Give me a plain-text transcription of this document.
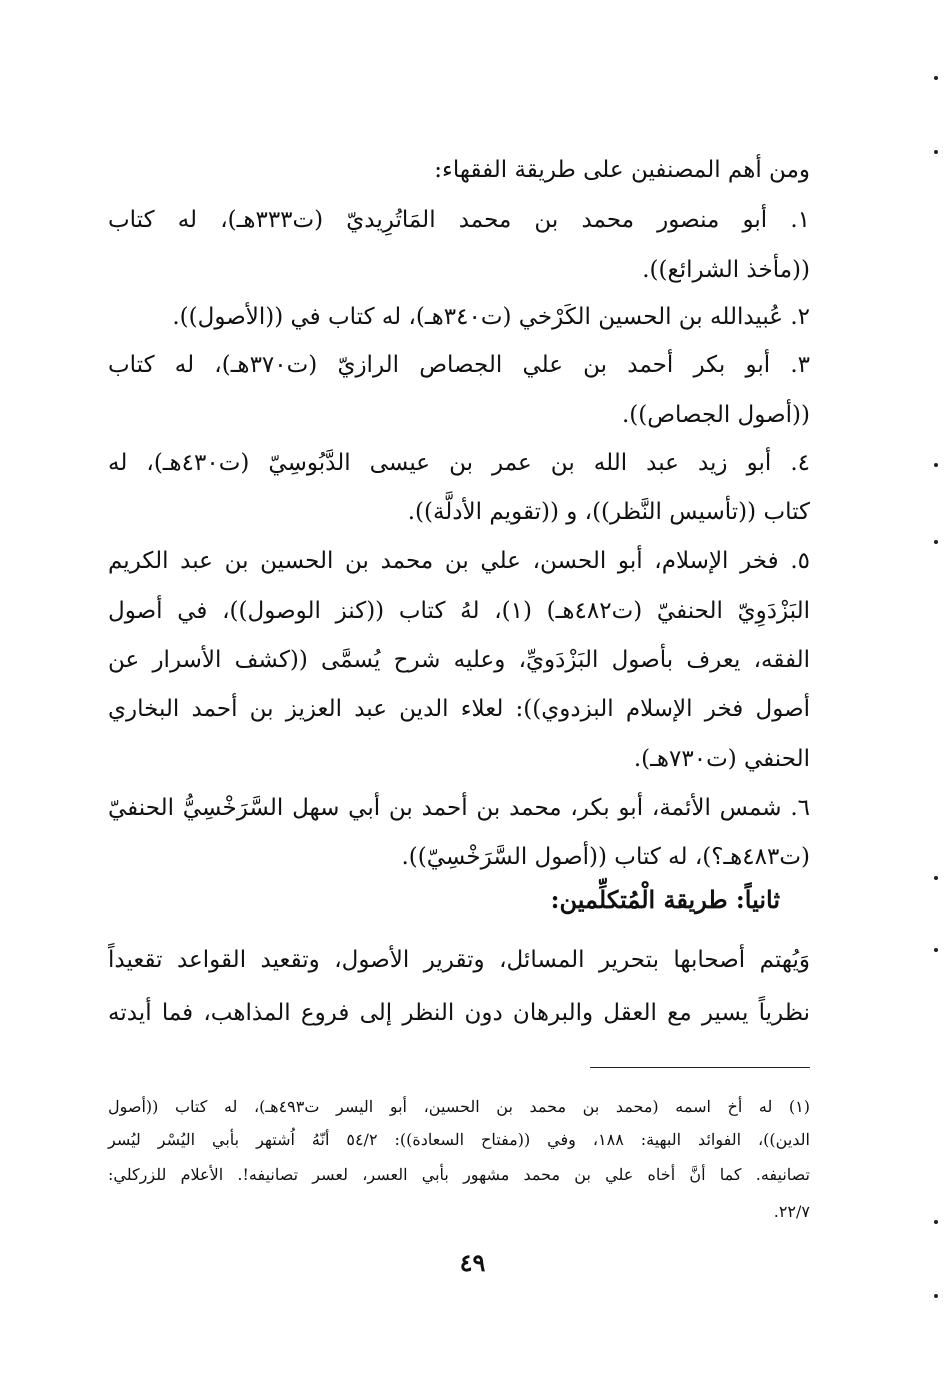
ومن أهم المصنفين على طريقة الفقهاء:
١. أبو منصور محمد بن محمد المَاتُرِيديّ (ت٣٣٣هـ)، له كتاب
((مأخذ الشرائع)).
٢. عُبيدالله بن الحسين الكَرْخي (ت٣٤٠هـ)، له كتاب في ((الأصول)).
٣. أبو بكر أحمد بن علي الجصاص الرازيّ (ت٣٧٠هـ)، له كتاب
((أصول الجصاص)).
٤. أبو زيد عبد الله بن عمر بن عيسى الدَّبُوسِيّ (ت٤٣٠هـ)، له
كتاب ((تأسيس النَّظر))، و ((تقويم الأدلَّة)).
٥. فخر الإسلام، أبو الحسن، علي بن محمد بن الحسين بن عبد الكريم
البَزْدَوِيّ الحنفيّ (ت٤٨٢هـ) (١)، لهُ كتاب ((كنز الوصول))، في أصول
الفقه، يعرف بأصول البَزْدَويِّ، وعليه شرح يُسمَّى ((كشف الأسرار عن
أصول فخر الإسلام البزدوي)): لعلاء الدين عبد العزيز بن أحمد البخاري
الحنفي (ت٧٣٠هـ).
٦. شمس الأئمة، أبو بكر، محمد بن أحمد بن أبي سهل السَّرَخْسِيُّ الحنفيّ
(ت٤٨٣هـ؟)، له كتاب ((أصول السَّرَخْسِيّ)).
ثانياً: طريقة الْمُتكلِّمين:
وَيُهتم أصحابها بتحرير المسائل، وتقرير الأصول، وتقعيد القواعد تقعيداً
نظرياً يسير مع العقل والبرهان دون النظر إلى فروع المذاهب، فما أيدته
(١) له أخ اسمه (محمد بن محمد بن الحسين، أبو اليسر ت٤٩٣هـ)، له كتاب ((أصول
الدين))، الفوائد البهية: ١٨٨، وفي ((مفتاح السعادة)): ٥٤/٢ أنّهُ اُشتهر بأبي اليُسْر ليُسر
تصانيفه. كما أنَّ أخاه علي بن محمد مشهور بأبي العسر، لعسر تصانيفه!. الأعلام للزركلي:
٢٢/٧.
٤٩
